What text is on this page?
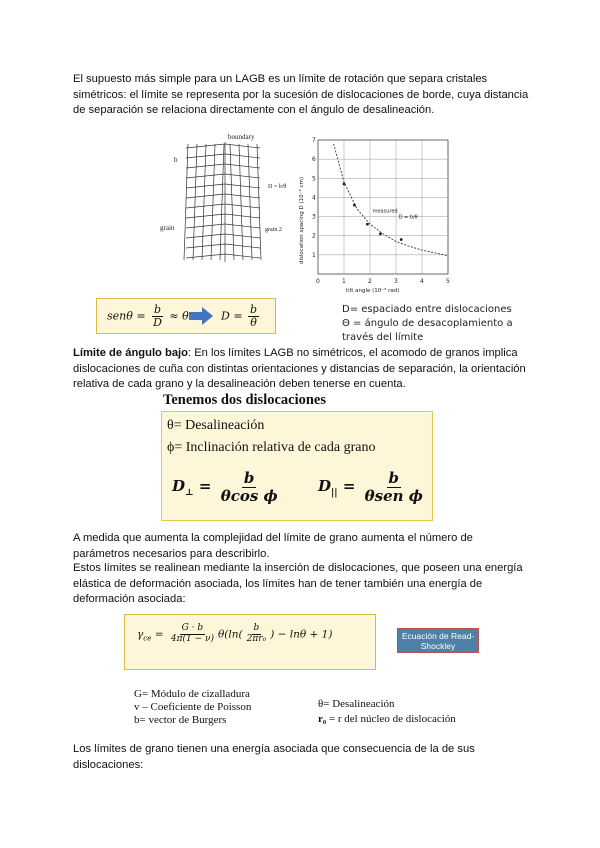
El supuesto más simple para un LAGB es un límite de rotación que separa cristales simétricos: el límite se representa por la sucesión de dislocaciones de borde, cuya distancia de separación se relaciona directamente con el ángulo de desalineación.
boundary
grain
D = b/θ
grain 2
b
0	1	2	3	4	5
1
2
3
4
5
6
7
tilt angle (10⁻³ rad)
dislocation spacing D (10⁻⁴ cm)	measured
D = b/θ
$sen\theta = \frac{b}{D} \approx \theta$	$D = \frac{b}{\theta}$	D= espaciado entre dislocaciones
Θ = ángulo de desacoplamiento a
través del límite
Límite de ángulo bajo: En los límites LAGB no simétricos, el acomodo de granos implica dislocaciones de cuña con distintas orientaciones y distancias de separación, la orientación relativa de cada grano y la desalineación deben tenerse en cuenta.
Tenemos dos dislocaciones
θ= Desalineación
ϕ= Inclinación relativa de cada grano
$D_\perp = \frac{b}{\text{θcos ϕ}}$	$D_{||} = \frac{b}{\text{θsen ϕ}}$
A medida que aumenta la complejidad del límite de grano aumenta el número de parámetros necesarios para describirlo.
Estos límites se realinean mediante la inserción de dislocaciones, que poseen una energía elástica de deformación asociada, los límites han de tener también una energía de deformación asociada:
$\gamma_{ce} = \frac{G \cdot b}{4\pi(1 - \nu)} \theta(\ln( \frac{b}{\text{2πr₀}}$ ) − lnθ + 1)	Ecuación de Read- Shockley
G= Módulo de cizalladura
v – Coeficiente de Poisson
b= vector de Burgers
θ= Desalineación
r₀ = r del núcleo de dislocación
Los límites de grano tienen una energía asociada que consecuencia de la de sus dislocaciones:
